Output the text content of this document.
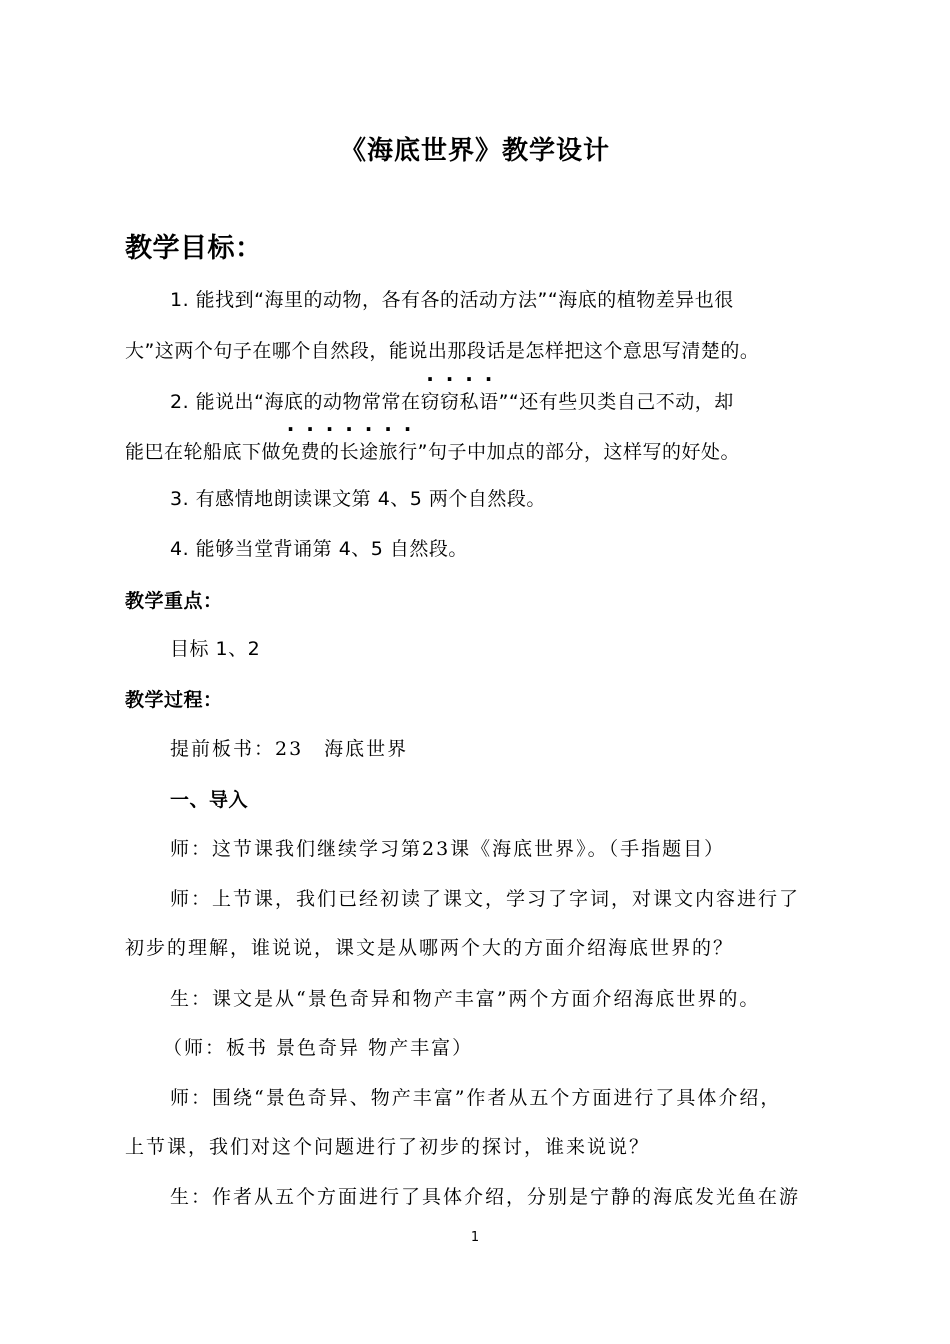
《海底世界》教学设计
教学目标：
1. 能找到“海里的动物，各有各的活动方法”“海底的植物差异也很
大”这两个句子在哪个自然段，能说出那段话是怎样把这个意思写清楚的。
2. 能说出“海底的动物常常在窃窃私语”“还有些贝类自己不动，却
能巴在轮船底下做免费的长途旅行”句子中加点的部分，这样写的好处。
3. 有感情地朗读课文第 4、5 两个自然段。
4. 能够当堂背诵第 4、5 自然段。
教学重点：
目标 1、2
教学过程：
提前板书：23　海底世界
一、导入
师：这节课我们继续学习第23课《海底世界》。（手指题目）
师：上节课，我们已经初读了课文，学习了字词，对课文内容进行了
初步的理解，谁说说，课文是从哪两个大的方面介绍海底世界的？
生：课文是从“景色奇异和物产丰富”两个方面介绍海底世界的。
（师：板书 景色奇异 物产丰富）
师：围绕“景色奇异、物产丰富”作者从五个方面进行了具体介绍，
上节课，我们对这个问题进行了初步的探讨，谁来说说？
生：作者从五个方面进行了具体介绍，分别是宁静的海底发光鱼在游
1
